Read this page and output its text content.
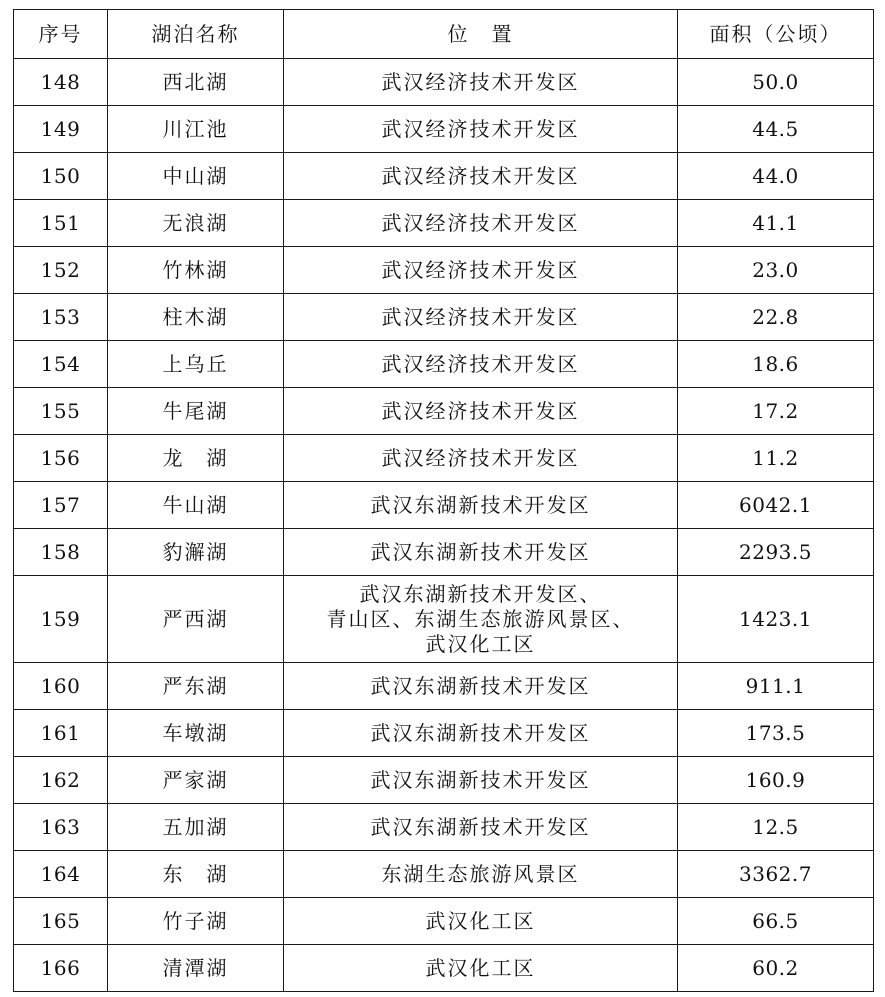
序号	湖泊名称	位　置	面积（公顷）
148	西北湖	武汉经济技术开发区	50.0
149	川江池	武汉经济技术开发区	44.5
150	中山湖	武汉经济技术开发区	44.0
151	无浪湖	武汉经济技术开发区	41.1
152	竹林湖	武汉经济技术开发区	23.0
153	柱木湖	武汉经济技术开发区	22.8
154	上乌丘	武汉经济技术开发区	18.6
155	牛尾湖	武汉经济技术开发区	17.2
156	龙　湖	武汉经济技术开发区	11.2
157	牛山湖	武汉东湖新技术开发区	6042.1
158	豹澥湖	武汉东湖新技术开发区	2293.5
159	严西湖	武汉东湖新技术开发区、
青山区、东湖生态旅游风景区、
武汉化工区	1423.1
160	严东湖	武汉东湖新技术开发区	911.1
161	车墩湖	武汉东湖新技术开发区	173.5
162	严家湖	武汉东湖新技术开发区	160.9
163	五加湖	武汉东湖新技术开发区	12.5
164	东　湖	东湖生态旅游风景区	3362.7
165	竹子湖	武汉化工区	66.5
166	清潭湖	武汉化工区	60.2
